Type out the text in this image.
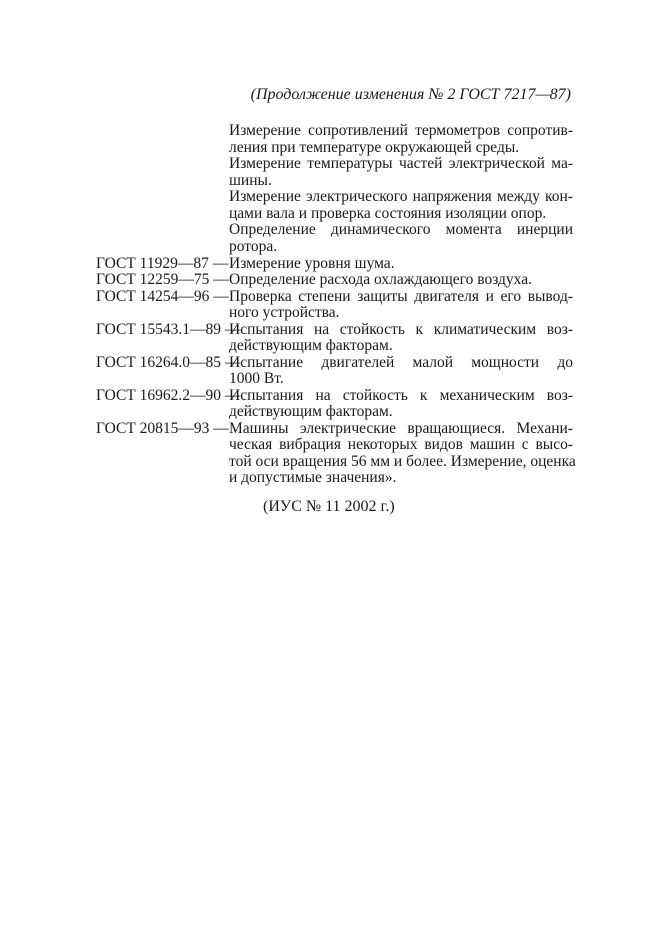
(Продолжение изменения № 2 ГОСТ 7217—87)
Измерение сопротивлений термометров сопротив-
ления при температуре окружающей среды.
Измерение температуры частей электрической ма-
шины.
Измерение электрического напряжения между кон-
цами вала и проверка состояния изоляции опор.
Определение динамического момента инерции
ротора.
ГОСТ 11929—87 — Измерение уровня шума.
ГОСТ 12259—75 — Определение расхода охлаждающего воздуха.
ГОСТ 14254—96 — Проверка степени защиты двигателя и его вывод-
ного устройства.
ГОСТ 15543.1—89 —
Испытания на стойкость к климатическим воз-
действующим факторам.
ГОСТ 16264.0—85 —
Испытание двигателей малой мощности до
1000 Вт.
ГОСТ 16962.2—90 —
Испытания на стойкость к механическим воз-
действующим факторам.
ГОСТ 20815—93 — Машины электрические вращающиеся. Механи-
ческая вибрация некоторых видов машин с высо-
той оси вращения 56 мм и более. Измерение, оценка
и допустимые значения».
(ИУС № 11 2002 г.)
